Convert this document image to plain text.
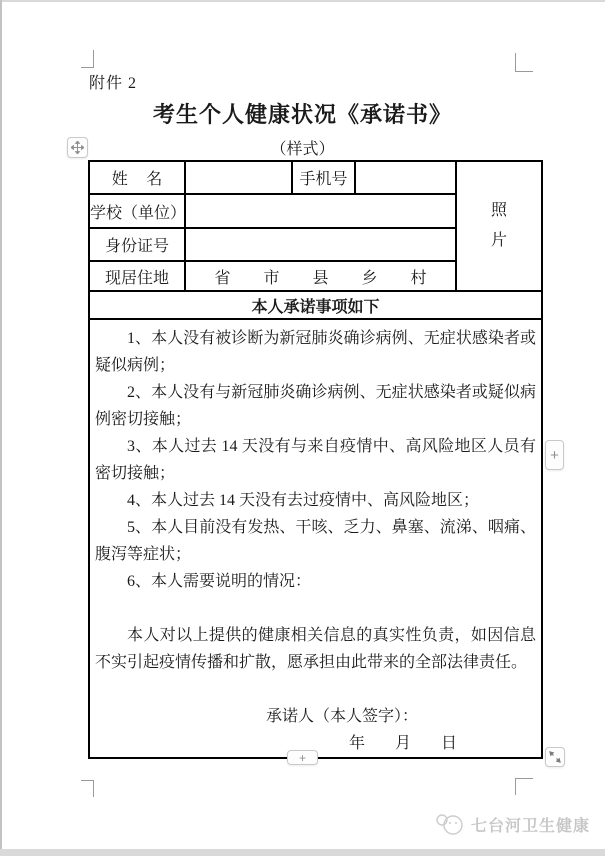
附件 2
考生个人健康状况《承诺书》
（样式）
姓 名		手机号		照
片

学校（单位）				
身份证号				
现居住地	省 市 县 乡 村			

本人承诺事项如下				

1、本人没有被诊断为新冠肺炎确诊病例、无症状感染者或疑似病例；

2、本人没有与新冠肺炎确诊病例、无症状感染者或疑似病例密切接触；

3、本人过去 14 天没有与来自疫情中、高风险地区人员有密切接触；

4、本人过去 14 天没有去过疫情中、高风险地区；

5、本人目前没有发热、干咳、乏力、鼻塞、流涕、咽痛、腹泻等症状；

6、本人需要说明的情况：

本人对以上提供的健康相关信息的真实性负责，如因信息不实引起疫情传播和扩散，愿承担由此带来的全部法律责任。

承诺人（本人签字）：
年 月 日
+
+
七台河卫生健康
